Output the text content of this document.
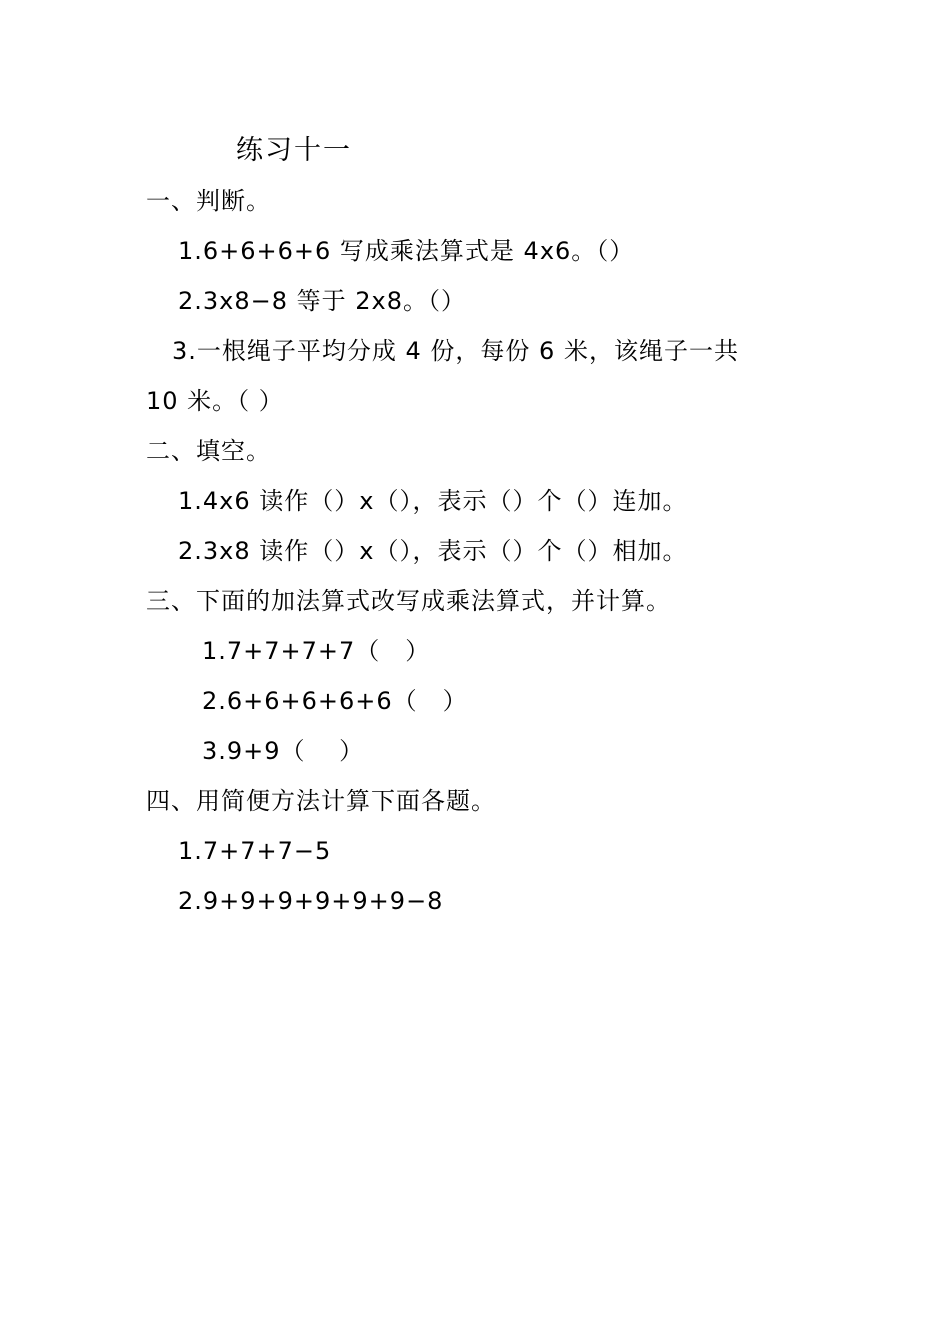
练习十一
一、判断。
1.6+6+6+6 写成乘法算式是 4x6。（）
2.3x8−8 等于 2x8。（）
3.一根绳子平均分成 4 份，每份 6 米，该绳子一共
10 米。（ ）
二、填空。
1.4x6 读作（）x（），表示（）个（）连加。
2.3x8 读作（）x（），表示（）个（）相加。
三、下面的加法算式改写成乘法算式，并计算。
1.7+7+7+7（　）
2.6+6+6+6+6（　）
3.9+9（　 ）
四、用简便方法计算下面各题。
1.7+7+7−5
2.9+9+9+9+9+9−8
